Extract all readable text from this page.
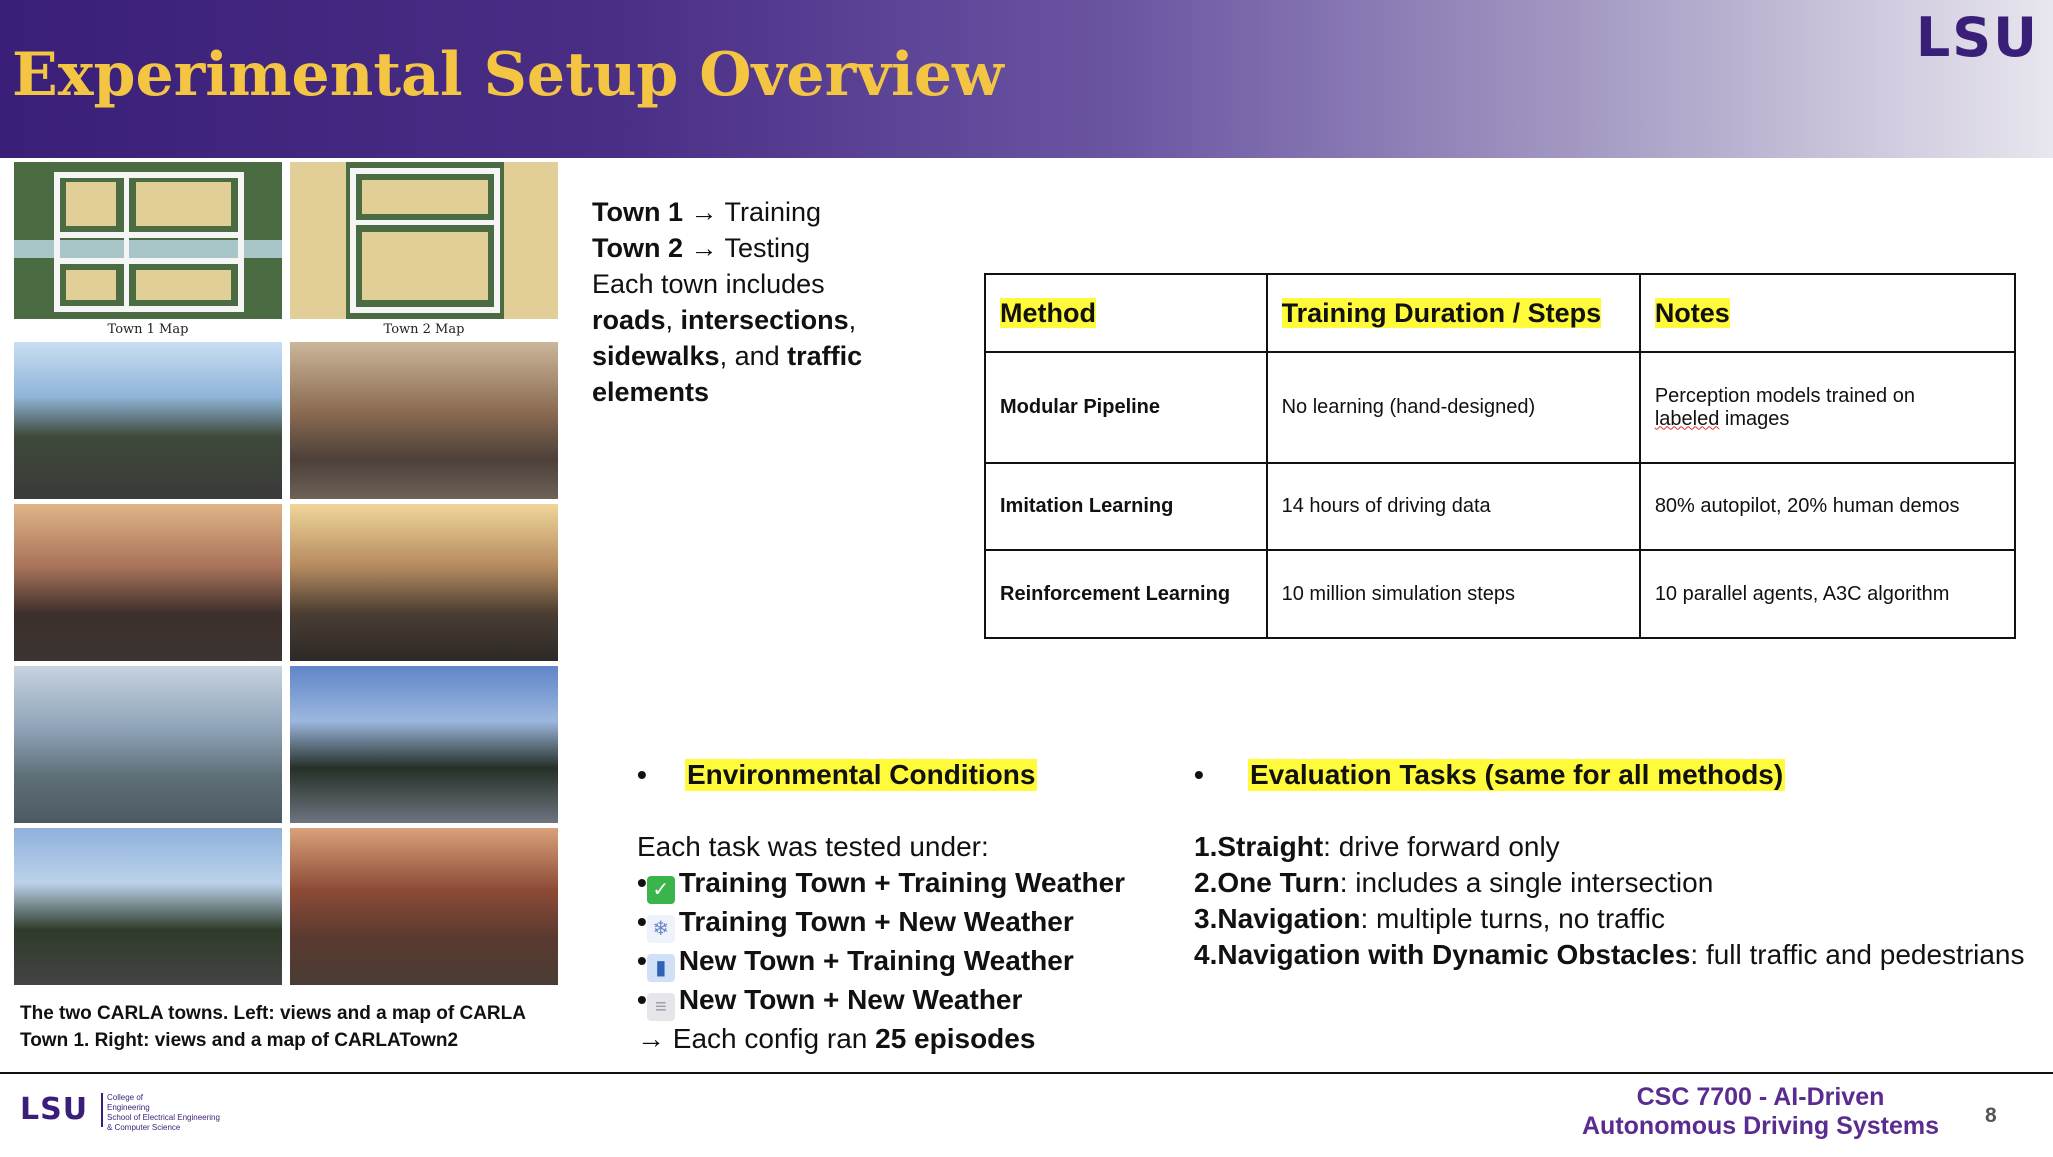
Experimental Setup Overview
LSU
Town 1 Map	Town 2 Map
The two CARLA towns. Left: views and a map of CARLA Town 1. Right: views and a map of CARLATown2
Town 1 → Training
Town 2 → Testing
Each town includes
roads, intersections,
sidewalks, and traffic
elements
Method	Training Duration / Steps	Notes
Modular Pipeline	No learning (hand-designed)	Perception models trained on
labeled images
Imitation Learning	14 hours of driving data	80% autopilot, 20% human demos
Reinforcement Learning	10 million simulation steps	10 parallel agents, A3C algorithm
• Environmental Conditions
Each task was tested under:
• ✓ Training Town + Training Weather
• ❄ Training Town + New Weather
• ▮ New Town + Training Weather
• ≡ New Town + New Weather
→ Each config ran 25 episodes
• Evaluation Tasks (same for all methods)
1.Straight: drive forward only
2.One Turn: includes a single intersection
3.Navigation: multiple turns, no traffic
4.Navigation with Dynamic Obstacles: full traffic and pedestrians
LSU College of
Engineering
School of Electrical Engineering
& Computer Science
CSC 7700 - AI-Driven
Autonomous Driving Systems 8
